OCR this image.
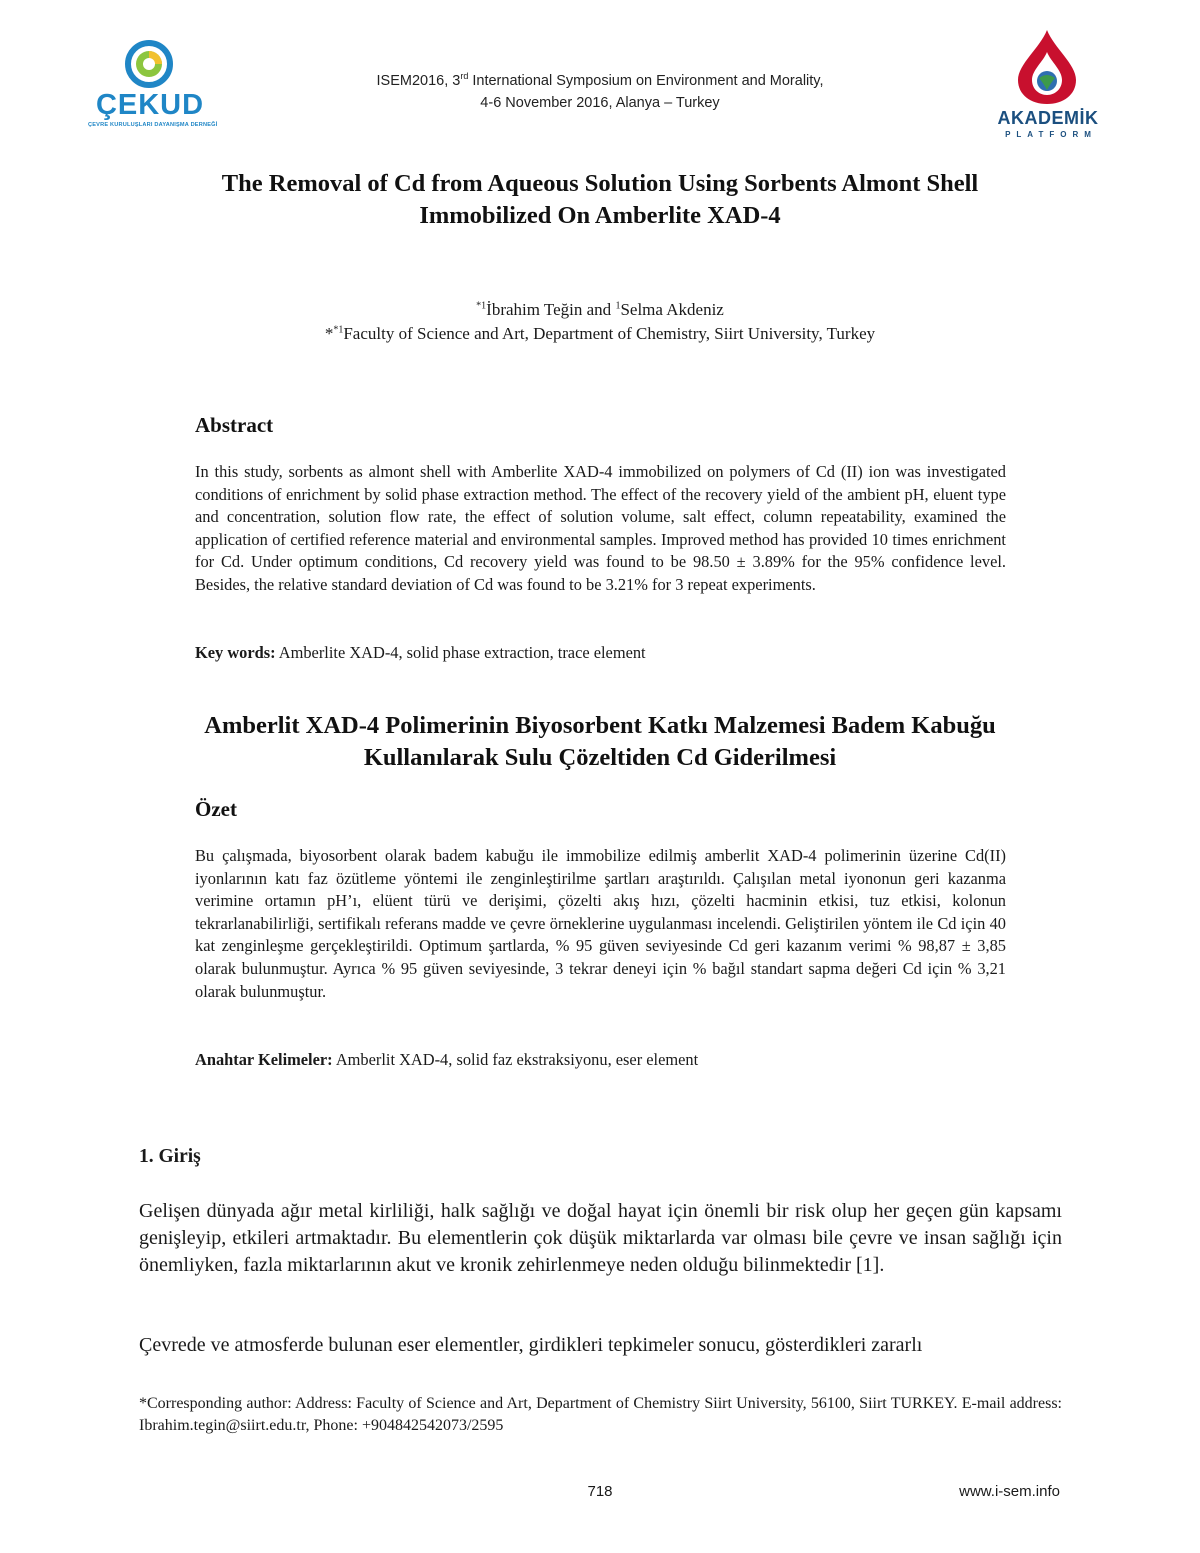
ÇEKUD
ÇEVRE KURULUŞLARI DAYANIŞMA DERNEĞİ
ISEM2016, 3rd International Symposium on Environment and Morality,
4-6 November 2016, Alanya – Turkey
AKADEMİK
PLATFORM
The Removal of Cd from Aqueous Solution Using Sorbents Almont Shell
Immobilized On Amberlite XAD-4
$^{*1}$İbrahim Teğin and $^1$Selma Akdeniz
*$^{*1}$Faculty of Science and Art, Department of Chemistry, Siirt University, Turkey
Abstract

In this study, sorbents as almont shell with Amberlite XAD-4 immobilized on polymers of Cd (II) ion was investigated conditions of enrichment by solid phase extraction method. The effect of the recovery yield of the ambient pH, eluent type and concentration, solution flow rate, the effect of solution volume, salt effect, column repeatability, examined the application of certified reference material and environmental samples. Improved method has provided 10 times enrichment for Cd. Under optimum conditions, Cd recovery yield was found to be 98.50 ± 3.89% for the 95% confidence level. Besides, the relative standard deviation of Cd was found to be 3.21% for 3 repeat experiments.

Key words: Amberlite XAD-4, solid phase extraction, trace element

Amberlit XAD-4 Polimerinin Biyosorbent Katkı Malzemesi Badem Kabuğu
Kullanılarak Sulu Çözeltiden Cd Giderilmesi
Özet

Bu çalışmada, biyosorbent olarak badem kabuğu ile immobilize edilmiş amberlit XAD-4 polimerinin üzerine Cd(II) iyonlarının katı faz özütleme yöntemi ile zenginleştirilme şartları araştırıldı. Çalışılan metal iyononun geri kazanma verimine ortamın pH’ı, elüent türü ve derişimi, çözelti akış hızı, çözelti hacminin etkisi, tuz etkisi, kolonun tekrarlanabilirliği, sertifikalı referans madde ve çevre örneklerine uygulanması incelendi. Geliştirilen yöntem ile Cd için 40 kat zenginleşme gerçekleştirildi. Optimum şartlarda, % 95 güven seviyesinde Cd geri kazanım verimi % 98,87 ± 3,85 olarak bulunmuştur. Ayrıca % 95 güven seviyesinde, 3 tekrar deneyi için % bağıl standart sapma değeri Cd için % 3,21 olarak bulunmuştur.

Anahtar Kelimeler: Amberlit XAD-4, solid faz ekstraksiyonu, eser element

1. Giriş

Gelişen dünyada ağır metal kirliliği, halk sağlığı ve doğal hayat için önemli bir risk olup her geçen gün kapsamı genişleyip, etkileri artmaktadır. Bu elementlerin çok düşük miktarlarda var olması bile çevre ve insan sağlığı için önemliyken, fazla miktarlarının akut ve kronik zehirlenmeye neden olduğu bilinmektedir [1].

Çevrede ve atmosferde bulunan eser elementler, girdikleri tepkimeler sonucu, gösterdikleri zararlı

*Corresponding author: Address: Faculty of Science and Art, Department of Chemistry Siirt University, 56100, Siirt TURKEY. E-mail address: Ibrahim.tegin@siirt.edu.tr, Phone: +904842542073/2595

718	www.i-sem.info
